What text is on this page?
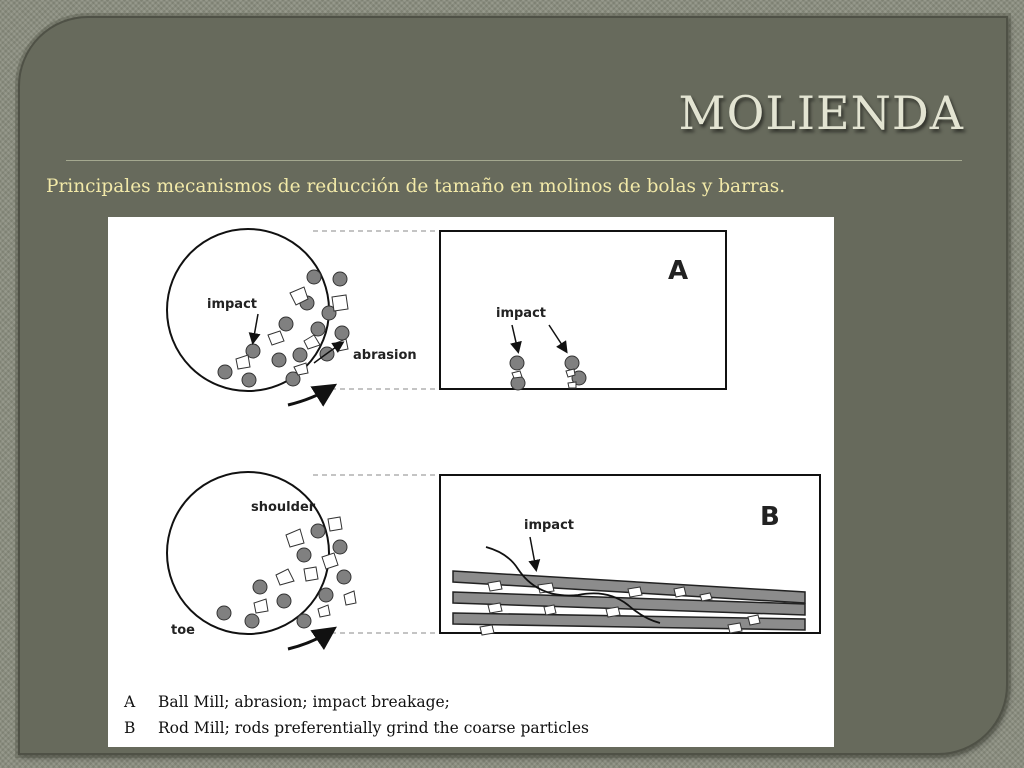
MOLIENDA

Principales mecanismos de reducción de tamaño en molinos de bolas y barras.

impact
abrasion
A
impact
shoulder
toe
B
impact
A Ball Mill; abrasion; impact breakage;
B Rod Mill; rods preferentially grind the coarse particles
